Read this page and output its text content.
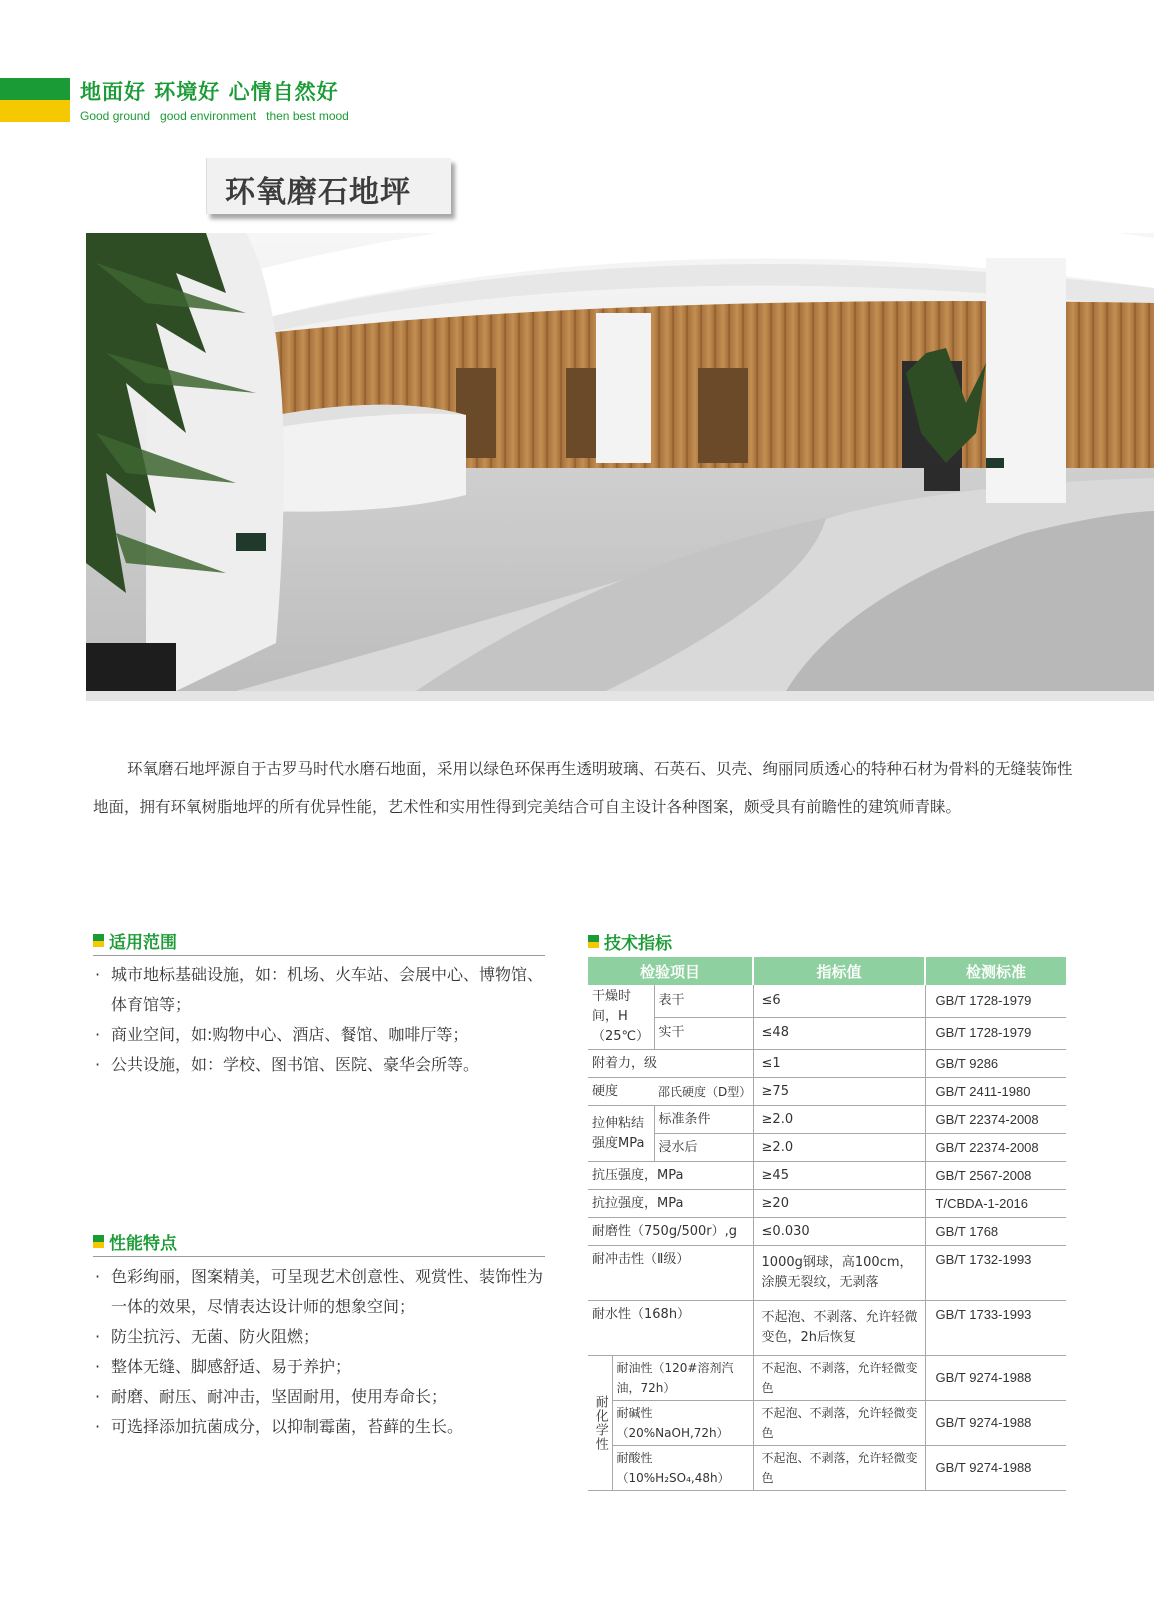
地面好 环境好 心情自然好
Good ground   good environment   then best mood
环氧磨石地坪
环氧磨石地坪源自于古罗马时代水磨石地面，采用以绿色环保再生透明玻璃、石英石、贝壳、绚丽同质透心的特种石材为骨料的无缝装饰性地面，拥有环氧树脂地坪的所有优异性能，艺术性和实用性得到完美结合可自主设计各种图案，颇受具有前瞻性的建筑师青睐。
适用范围
· 城市地标基础设施，如：机场、火车站、会展中心、博物馆、体育馆等；
· 商业空间，如:购物中心、酒店、餐馆、咖啡厅等；
· 公共设施，如：学校、图书馆、医院、豪华会所等。
性能特点
· 色彩绚丽，图案精美，可呈现艺术创意性、观赏性、装饰性为一体的效果，尽情表达设计师的想象空间；
· 防尘抗污、无菌、防火阻燃；
· 整体无缝、脚感舒适、易于养护；
· 耐磨、耐压、耐冲击，坚固耐用，使用寿命长；
· 可选择添加抗菌成分，以抑制霉菌，苔藓的生长。
技术指标
检验项目			指标值	检测标准
干燥时间，H（25℃）		表干	≤6	GB/T 1728-1979
		实干	≤48	GB/T 1728-1979
附着力，级			≤1	GB/T 9286
硬度		邵氏硬度（D型）	≥75	GB/T 2411-1980
拉伸粘结强度MPa		标准条件	≥2.0	GB/T 22374-2008
		浸水后	≥2.0	GB/T 22374-2008
抗压强度，MPa			≥45	GB/T 2567-2008
抗拉强度，MPa			≥20	T/CBDA-1-2016
耐磨性（750g/500r）,g			≤0.030	GB/T 1768
耐冲击性（Ⅱ级）			1000g钢球，高100cm，涂膜无裂纹，无剥落	GB/T 1732-1993
耐水性（168h）			不起泡、不剥落、允许轻微变色，2h后恢复	GB/T 1733-1993
耐化学性	耐油性（120#溶剂汽油，72h）		不起泡、不剥落，允许轻微变色	GB/T 9274-1988
	耐碱性（20%NaOH,72h）		不起泡、不剥落，允许轻微变色	GB/T 9274-1988
	耐酸性（10%H₂SO₄,48h）		不起泡、不剥落，允许轻微变色	GB/T 9274-1988
